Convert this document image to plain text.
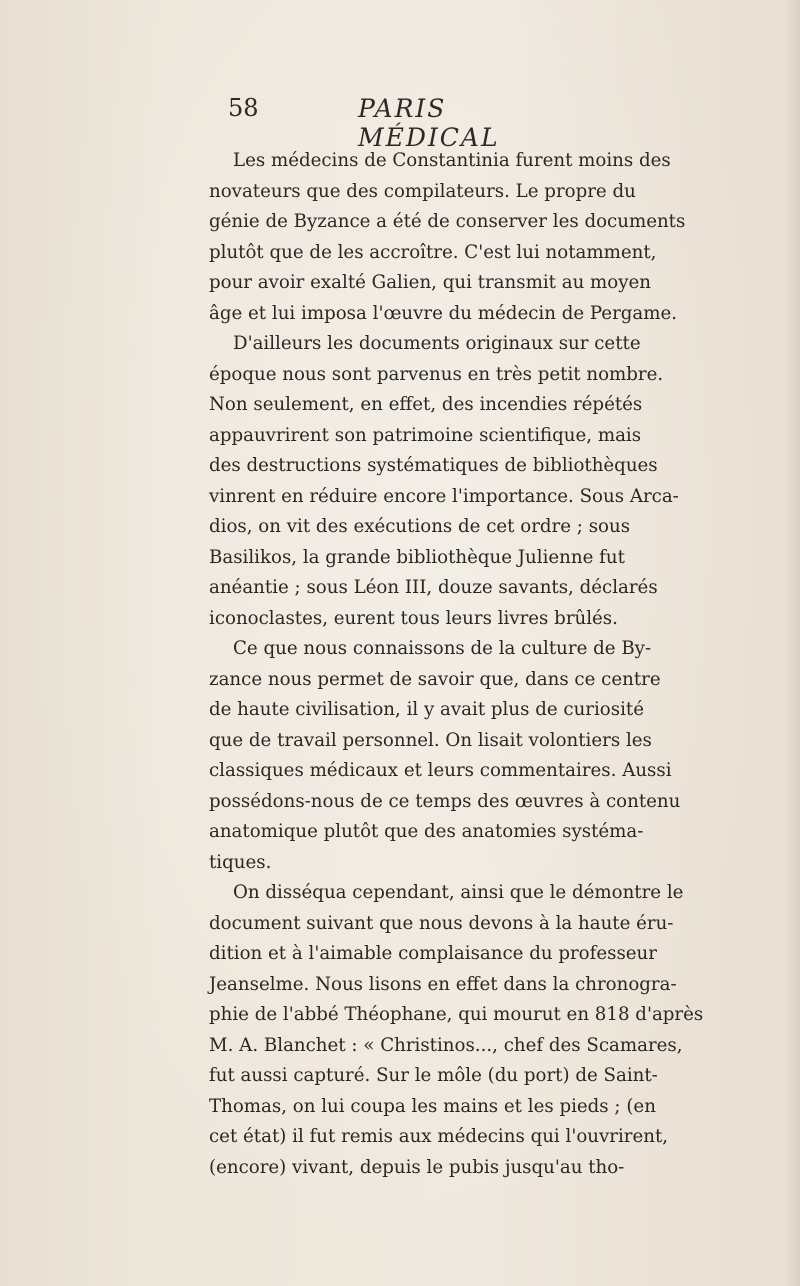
58	PARIS MÉDICAL
Les médecins de Constantinia furent moins des
novateurs que des compilateurs. Le propre du
génie de Byzance a été de conserver les documents
plutôt que de les accroître. C'est lui notamment,
pour avoir exalté Galien, qui transmit au moyen
âge et lui imposa l'œuvre du médecin de Pergame.
D'ailleurs les documents originaux sur cette
époque nous sont parvenus en très petit nombre.
Non seulement, en effet, des incendies répétés
appauvrirent son patrimoine scientifique, mais
des destructions systématiques de bibliothèques
vinrent en réduire encore l'importance. Sous Arca-
dios, on vit des exécutions de cet ordre ; sous
Basilikos, la grande bibliothèque Julienne fut
anéantie ; sous Léon III, douze savants, déclarés
iconoclastes, eurent tous leurs livres brûlés.
Ce que nous connaissons de la culture de By-
zance nous permet de savoir que, dans ce centre
de haute civilisation, il y avait plus de curiosité
que de travail personnel. On lisait volontiers les
classiques médicaux et leurs commentaires. Aussi
possédons-nous de ce temps des œuvres à contenu
anatomique plutôt que des anatomies systéma-
tiques.
On disséqua cependant, ainsi que le démontre le
document suivant que nous devons à la haute éru-
dition et à l'aimable complaisance du professeur
Jeanselme. Nous lisons en effet dans la chronogra-
phie de l'abbé Théophane, qui mourut en 818 d'après
M. A. Blanchet : « Christinos..., chef des Scamares,
fut aussi capturé. Sur le môle (du port) de Saint-
Thomas, on lui coupa les mains et les pieds ; (en
cet état) il fut remis aux médecins qui l'ouvrirent,
(encore) vivant, depuis le pubis jusqu'au tho-
